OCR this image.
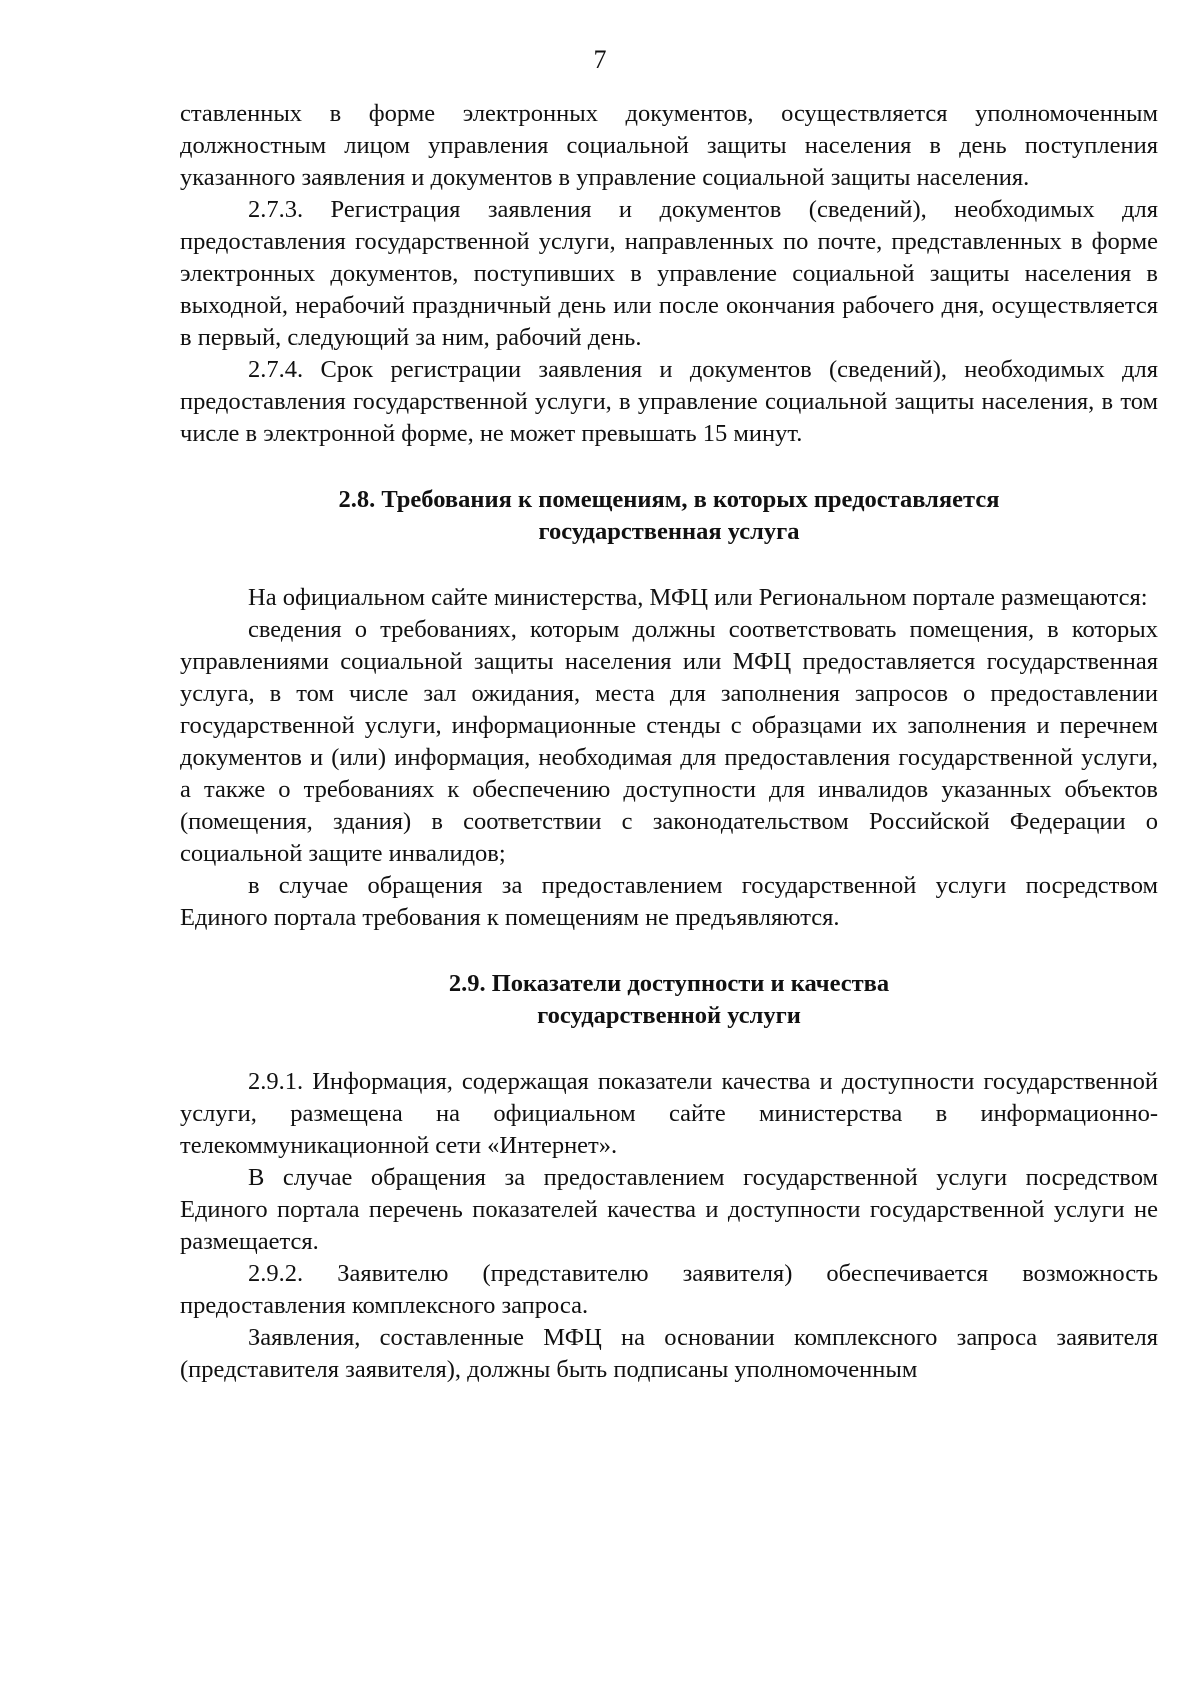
7

ставленных в форме электронных документов, осуществляется уполномоченным должностным лицом управления социальной защиты населения в день поступления указанного заявления и документов в управление социальной защиты населения.

2.7.3. Регистрация заявления и документов (сведений), необходимых для предоставления государственной услуги, направленных по почте, представленных в форме электронных документов, поступивших в управление социальной защиты населения в выходной, нерабочий праздничный день или после окончания рабочего дня, осуществляется в первый, следующий за ним, рабочий день.

2.7.4. Срок регистрации заявления и документов (сведений), необходимых для предоставления государственной услуги, в управление социальной защиты населения, в том числе в электронной форме, не может превышать 15 минут.

2.8. Требования к помещениям, в которых предоставляется
государственная услуга

На официальном сайте министерства, МФЦ или Региональном портале размещаются:

сведения о требованиях, которым должны соответствовать помещения, в которых управлениями социальной защиты населения или МФЦ предоставляется государственная услуга, в том числе зал ожидания, места для заполнения запросов о предоставлении государственной услуги, информационные стенды с образцами их заполнения и перечнем документов и (или) информация, необходимая для предоставления государственной услуги, а также о требованиях к обеспечению доступности для инвалидов указанных объектов (помещения, здания) в соответствии с законодательством Российской Федерации о социальной защите инвалидов;

в случае обращения за предоставлением государственной услуги посредством Единого портала требования к помещениям не предъявляются.

2.9. Показатели доступности и качества
государственной услуги

2.9.1. Информация, содержащая показатели качества и доступности государственной услуги, размещена на официальном сайте министерства в информационно-телекоммуникационной сети «Интернет».

В случае обращения за предоставлением государственной услуги посредством Единого портала перечень показателей качества и доступности государственной услуги не размещается.

2.9.2. Заявителю (представителю заявителя) обеспечивается возможность предоставления комплексного запроса.

Заявления, составленные МФЦ на основании комплексного запроса заявителя (представителя заявителя), должны быть подписаны уполномоченным
